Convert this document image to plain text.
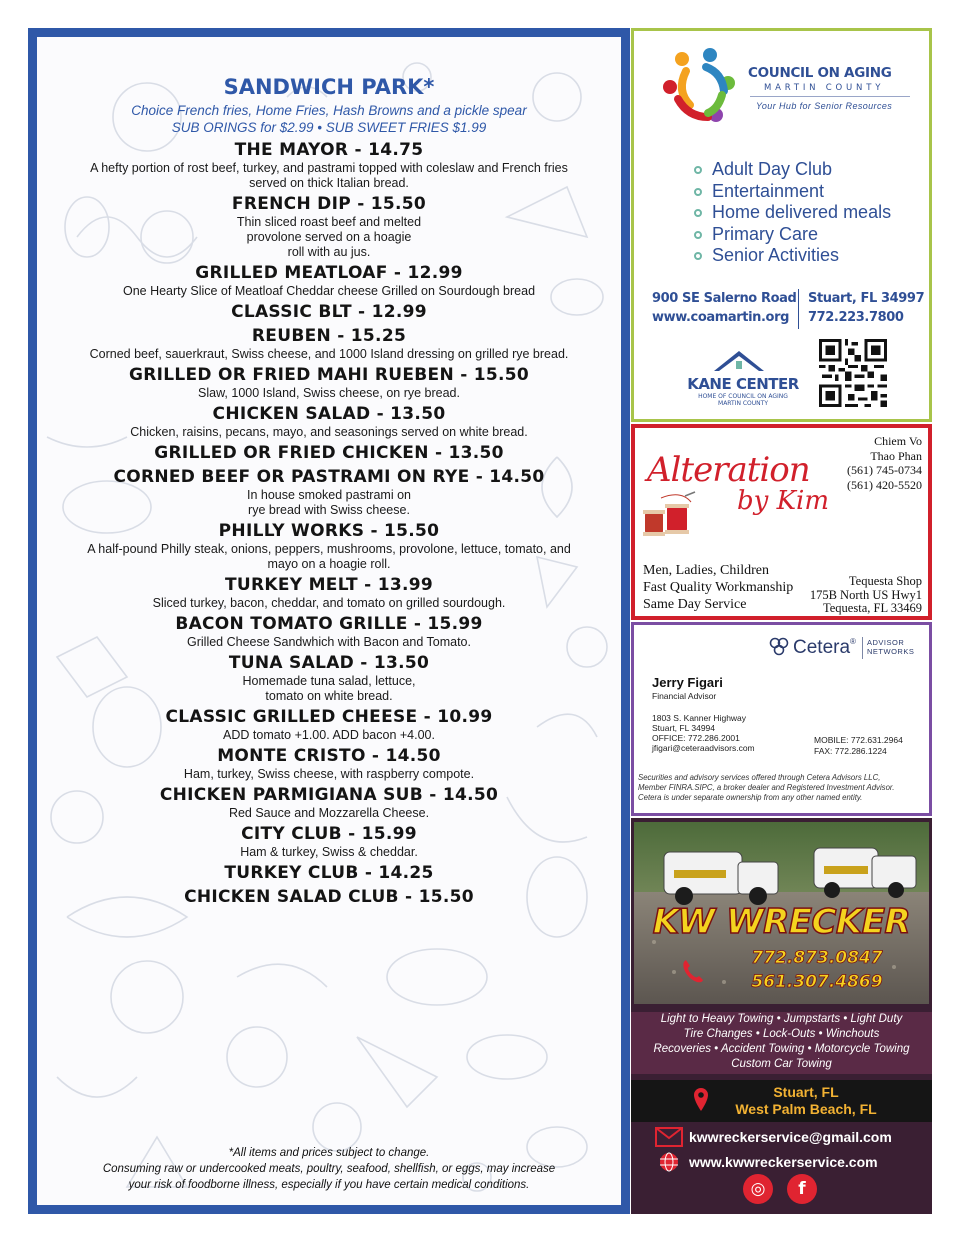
SANDWICH PARK*
Choice French fries, Home Fries, Hash Browns and a pickle spear
SUB ORINGS for $2.99 • SUB SWEET FRIES $1.99
THE MAYOR - 14.75
A hefty portion of rost beef, turkey, and pastrami topped with coleslaw and French fries
served on thick Italian bread.
FRENCH DIP - 15.50
Thin sliced roast beef and melted
provolone served on a hoagie
roll with au jus.
GRILLED MEATLOAF - 12.99
One Hearty Slice of Meatloaf Cheddar cheese Grilled on Sourdough bread
CLASSIC BLT - 12.99
REUBEN - 15.25
Corned beef, sauerkraut, Swiss cheese, and 1000 Island dressing on grilled rye bread.
GRILLED OR FRIED MAHI RUEBEN - 15.50
Slaw, 1000 Island, Swiss cheese, on rye bread.
CHICKEN SALAD - 13.50
Chicken, raisins, pecans, mayo, and seasonings served on white bread.
GRILLED OR FRIED CHICKEN - 13.50
CORNED BEEF OR PASTRAMI ON RYE - 14.50
In house smoked pastrami on
rye bread with Swiss cheese.
PHILLY WORKS - 15.50
A half-pound Philly steak, onions, peppers, mushrooms, provolone, lettuce, tomato, and
mayo on a hoagie roll.
TURKEY MELT - 13.99
Sliced turkey, bacon, cheddar, and tomato on grilled sourdough.
BACON TOMATO GRILLE - 15.99
Grilled Cheese Sandwhich with Bacon and Tomato.
TUNA SALAD - 13.50
Homemade tuna salad, lettuce,
tomato on white bread.
CLASSIC GRILLED CHEESE - 10.99
ADD tomato +1.00. ADD bacon +4.00.
MONTE CRISTO - 14.50
Ham, turkey, Swiss cheese, with raspberry compote.
CHICKEN PARMIGIANA SUB - 14.50
Red Sauce and Mozzarella Cheese.
CITY CLUB - 15.99
Ham & turkey, Swiss & cheddar.
TURKEY CLUB - 14.25
CHICKEN SALAD CLUB - 15.50
*All items and prices subject to change.
Consuming raw or undercooked meats, poultry, seafood, shellfish, or eggs, may increase
your risk of foodborne illness, especially if you have certain medical conditions.
COUNCIL ON AGING
MARTIN COUNTY
Your Hub for Senior Resources
Adult Day Club
Entertainment
Home delivered meals
Primary Care
Senior Activities
900 SE Salerno Road
www.coamartin.org
Stuart, FL 34997
772.223.7800
KANE CENTER
HOME OF COUNCIL ON AGING
MARTIN COUNTY
Alteration
by Kim
Chiem Vo
Thao Phan
(561) 745-0734
(561) 420-5520
Men, Ladies, Children
Fast Quality Workmanship
Same Day Service
Tequesta Shop
175B North US Hwy1
Tequesta, FL 33469
Cetera® ADVISOR
NETWORKS
Jerry Figari
Financial Advisor
1803 S. Kanner Highway
Stuart, FL 34994
OFFICE: 772.286.2001
jfigari@ceteraadvisors.com
MOBILE: 772.631.2964
FAX: 772.286.1224
Securities and advisory services offered through Cetera Advisors LLC,
Member FINRA.SIPC, a broker dealer and Registered Investment Advisor.
Cetera is under separate ownership from any other named entity.
KW WRECKER
772.873.0847
561.307.4869
Light to Heavy Towing • Jumpstarts • Light Duty
Tire Changes • Lock-Outs • Winchouts
Recoveries • Accident Towing • Motorcycle Towing
Custom Car Towing
Stuart, FL
West Palm Beach, FL
kwwreckerservice@gmail.com
www.kwwreckerservice.com
◎	f
